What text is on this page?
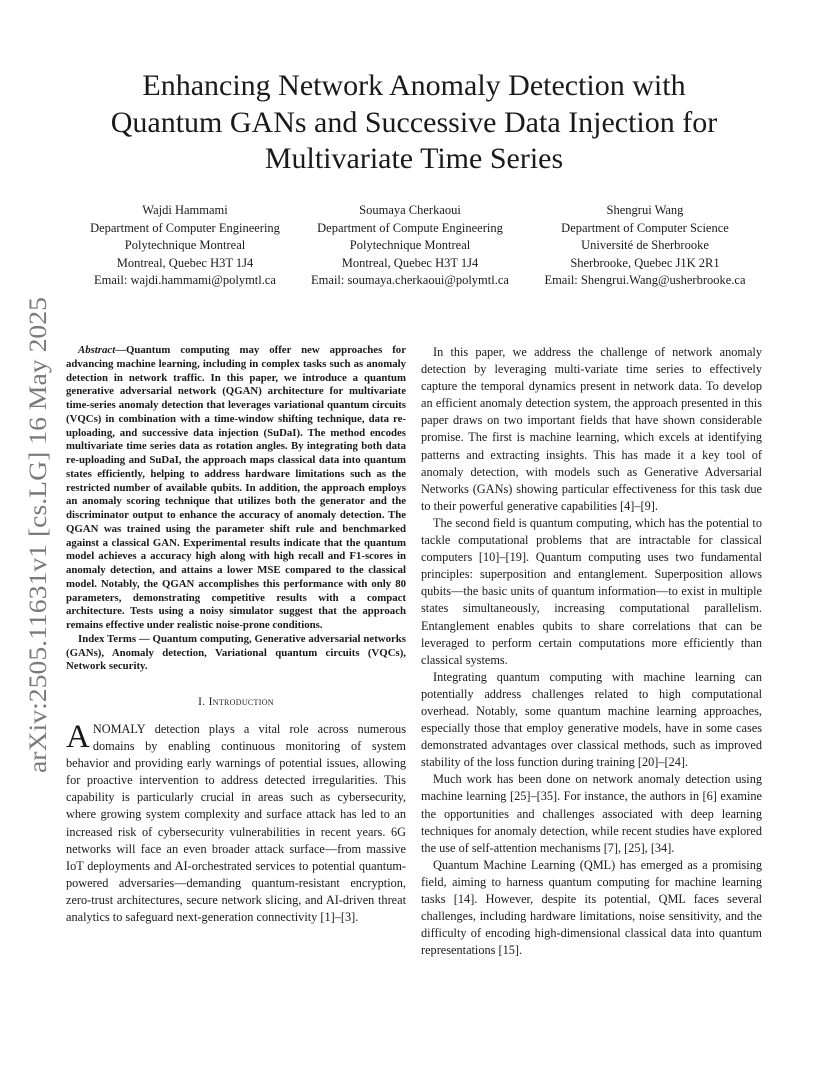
arXiv:2505.11631v1 [cs.LG] 16 May 2025
Enhancing Network Anomaly Detection with
Quantum GANs and Successive Data Injection for
Multivariate Time Series
Wajdi Hammami
Department of Computer Engineering
Polytechnique Montreal
Montreal, Quebec H3T 1J4
Email: wajdi.hammami@polymtl.ca
Soumaya Cherkaoui
Department of Compute Engineering
Polytechnique Montreal
Montreal, Quebec H3T 1J4
Email: soumaya.cherkaoui@polymtl.ca
Shengrui Wang
Department of Computer Science
Université de Sherbrooke
Sherbrooke, Quebec J1K 2R1
Email: Shengrui.Wang@usherbrooke.ca

Abstract—Quantum computing may offer new approaches for advancing machine learning, including in complex tasks such as anomaly detection in network traffic. In this paper, we introduce a quantum generative adversarial network (QGAN) architecture for multivariate time-series anomaly detection that leverages variational quantum circuits (VQCs) in combination with a time-window shifting technique, data re-uploading, and successive data injection (SuDaI). The method encodes multivariate time series data as rotation angles. By integrating both data re-uploading and SuDaI, the approach maps classical data into quantum states efficiently, helping to address hardware limitations such as the restricted number of available qubits. In addition, the approach employs an anomaly scoring technique that utilizes both the generator and the discriminator output to enhance the accuracy of anomaly detection. The QGAN was trained using the parameter shift rule and benchmarked against a classical GAN. Experimental results indicate that the quantum model achieves a accuracy high along with high recall and F1-scores in anomaly detection, and attains a lower MSE compared to the classical model. Notably, the QGAN accomplishes this performance with only 80 parameters, demonstrating competitive results with a compact architecture. Tests using a noisy simulator suggest that the approach remains effective under realistic noise-prone conditions.

Index Terms — Quantum computing, Generative adversarial networks (GANs), Anomaly detection, Variational quantum circuits (VQCs), Network security.

I. Introduction

ANOMALY detection plays a vital role across numerous domains by enabling continuous monitoring of system behavior and providing early warnings of potential issues, allowing for proactive intervention to address detected irregularities. This capability is particularly crucial in areas such as cybersecurity, where growing system complexity and surface attack has led to an increased risk of cybersecurity vulnerabilities in recent years. 6G networks will face an even broader attack surface—from massive IoT deployments and AI-orchestrated services to potential quantum-powered adversaries—demanding quantum-resistant encryption, zero-trust architectures, secure network slicing, and AI-driven threat analytics to safeguard next-generation connectivity [1]–[3].

In this paper, we address the challenge of network anomaly detection by leveraging multi-variate time series to effectively capture the temporal dynamics present in network data. To develop an efficient anomaly detection system, the approach presented in this paper draws on two important fields that have shown considerable promise. The first is machine learning, which excels at identifying patterns and extracting insights. This has made it a key tool of anomaly detection, with models such as Generative Adversarial Networks (GANs) showing particular effectiveness for this task due to their powerful generative capabilities [4]–[9].

The second field is quantum computing, which has the potential to tackle computational problems that are intractable for classical computers [10]–[19]. Quantum computing uses two fundamental principles: superposition and entanglement. Superposition allows qubits—the basic units of quantum information—to exist in multiple states simultaneously, increasing computational parallelism. Entanglement enables qubits to share correlations that can be leveraged to perform certain computations more efficiently than classical systems.

Integrating quantum computing with machine learning can potentially address challenges related to high computational overhead. Notably, some quantum machine learning approaches, especially those that employ generative models, have in some cases demonstrated advantages over classical methods, such as improved stability of the loss function during training [20]–[24].

Much work has been done on network anomaly detection using machine learning [25]–[35]. For instance, the authors in [6] examine the opportunities and challenges associated with deep learning techniques for anomaly detection, while recent studies have explored the use of self-attention mechanisms [7], [25], [34].

Quantum Machine Learning (QML) has emerged as a promising field, aiming to harness quantum computing for machine learning tasks [14]. However, despite its potential, QML faces several challenges, including hardware limitations, noise sensitivity, and the difficulty of encoding high-dimensional classical data into quantum representations [15].
